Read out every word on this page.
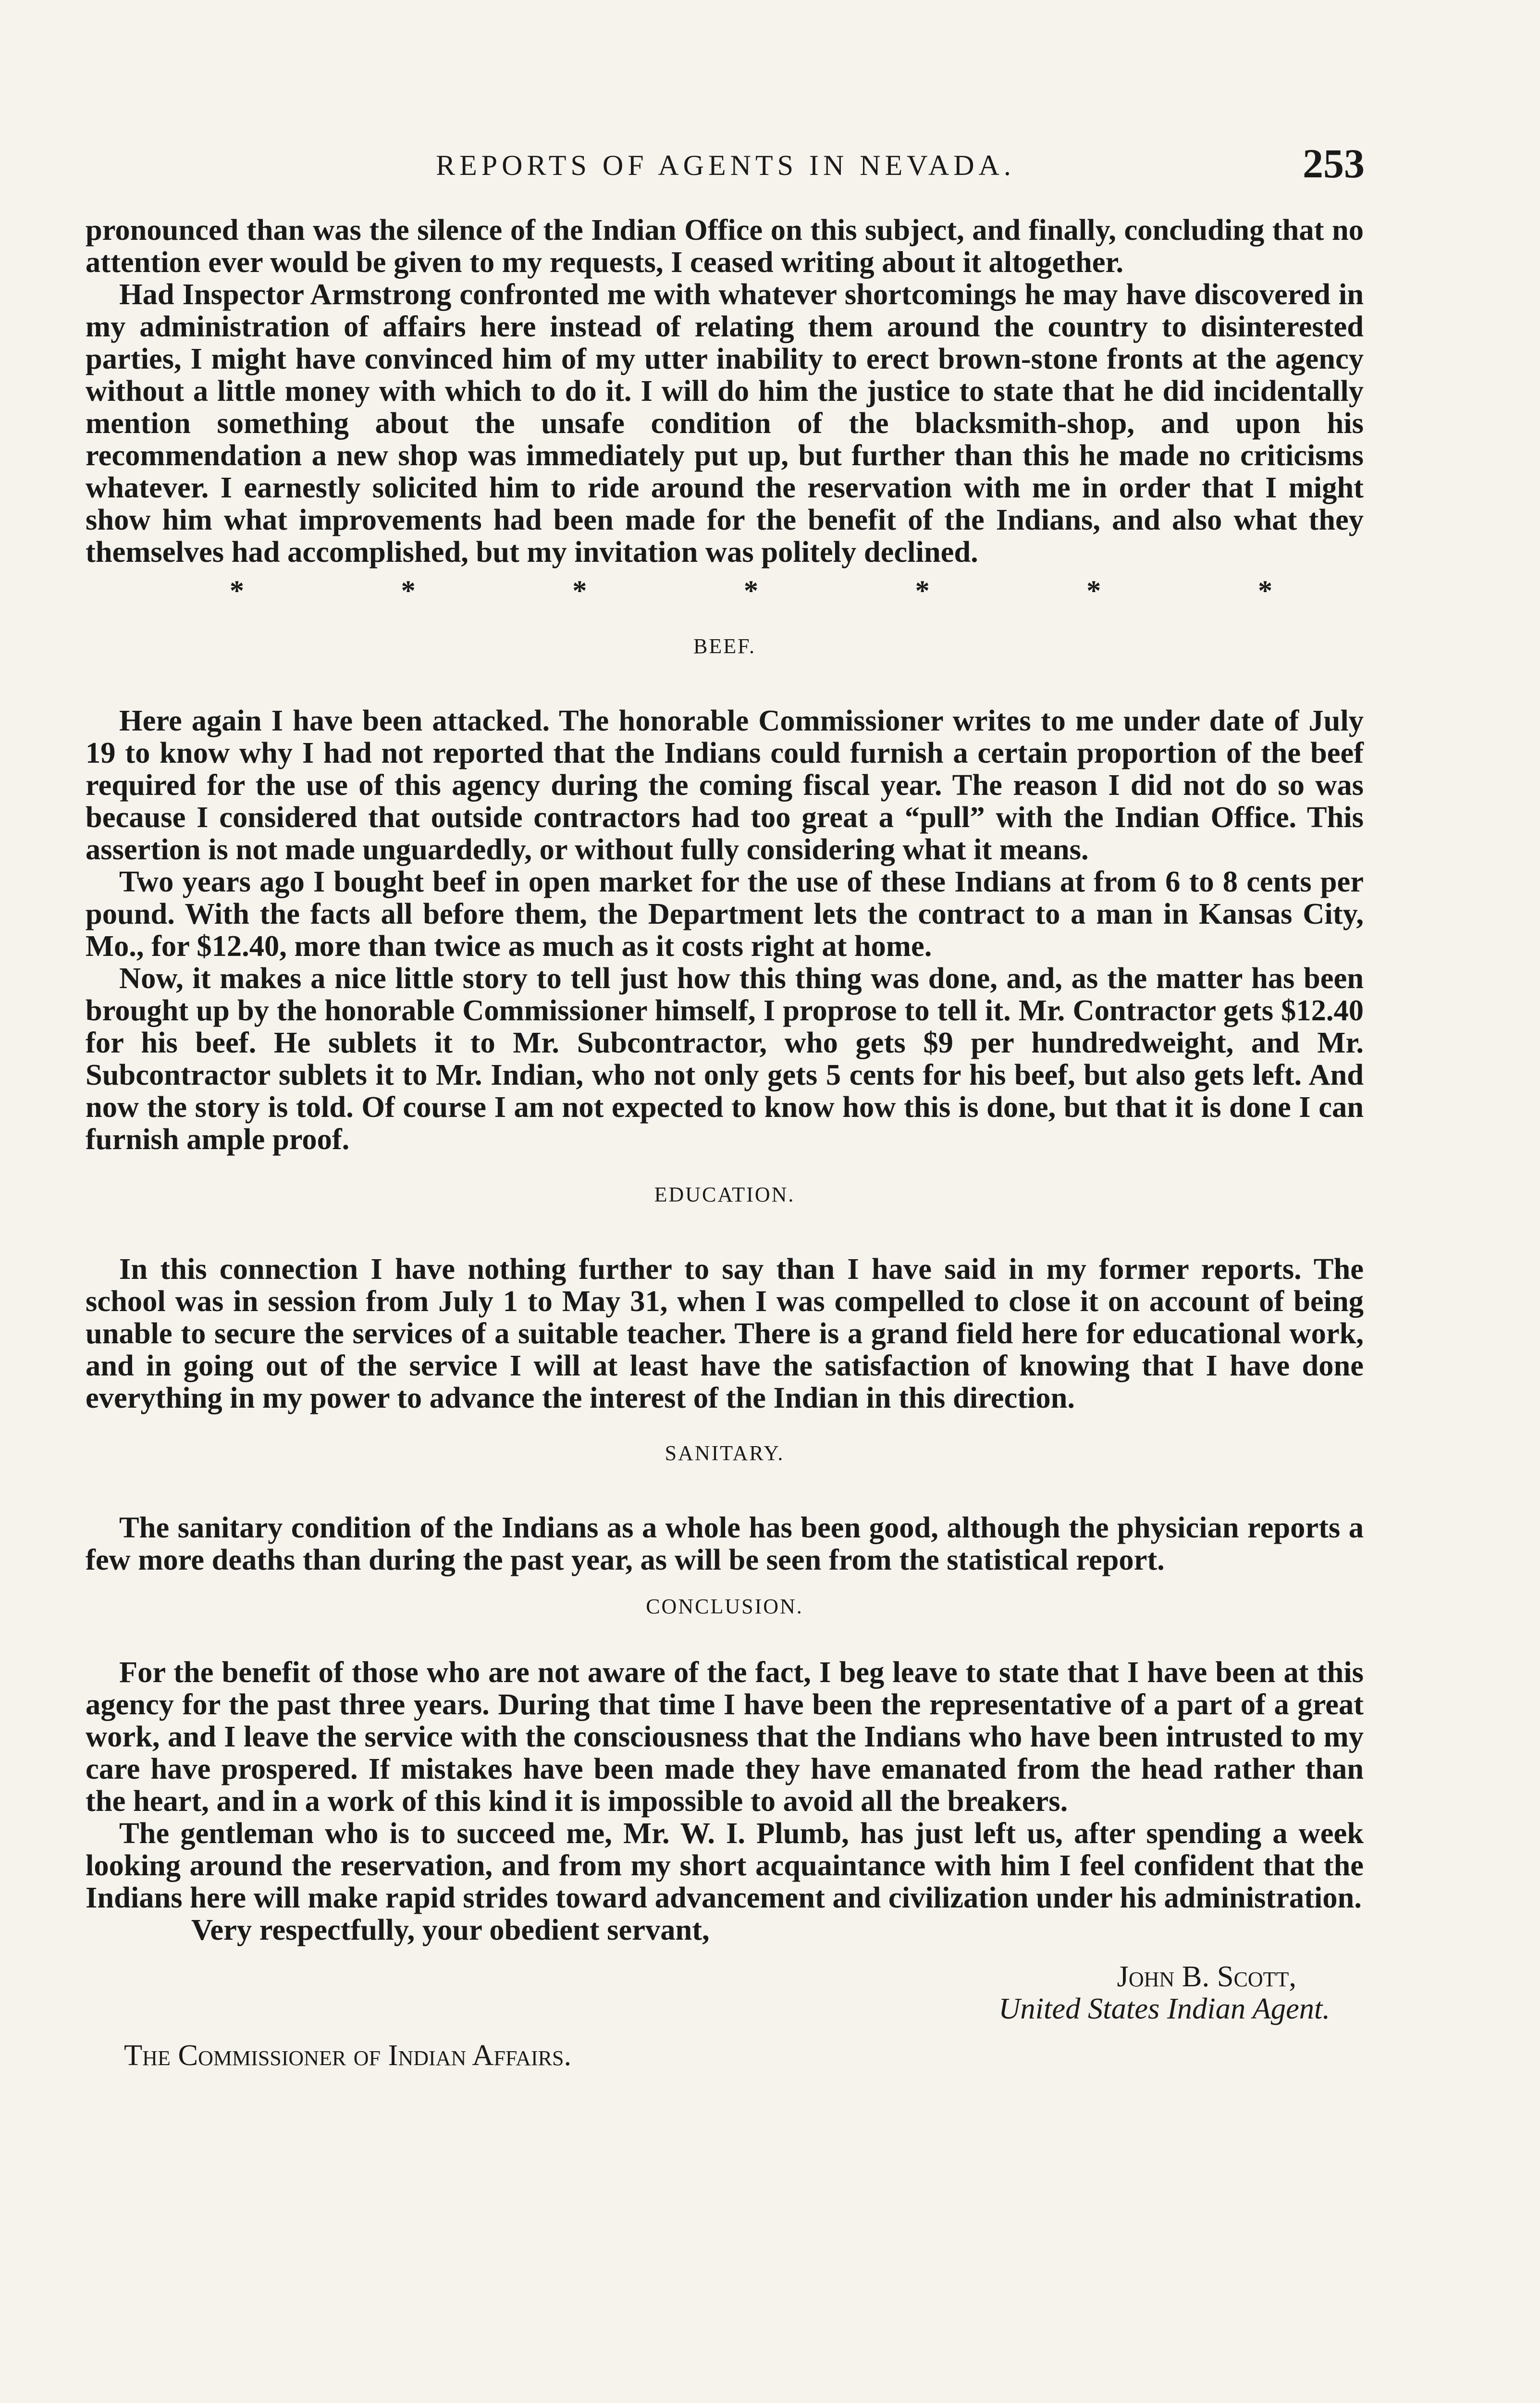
REPORTS OF AGENTS IN NEVADA.	253

pronounced than was the silence of the Indian Office on this subject, and finally, concluding that no attention ever would be given to my requests, I ceased writing about it altogether.

Had Inspector Armstrong confronted me with whatever shortcomings he may have discovered in my administration of affairs here instead of relating them around the country to disinterested parties, I might have convinced him of my utter inability to erect brown-stone fronts at the agency without a little money with which to do it. I will do him the justice to state that he did incidentally mention something about the unsafe condition of the blacksmith-shop, and upon his recommendation a new shop was immediately put up, but further than this he made no criticisms whatever. I earnestly solicited him to ride around the reservation with me in order that I might show him what improvements had been made for the benefit of the Indians, and also what they themselves had accomplished, but my invitation was politely declined.

*	*	*	*	*	*	*
BEEF.

Here again I have been attacked. The honorable Commissioner writes to me under date of July 19 to know why I had not reported that the Indians could furnish a certain proportion of the beef required for the use of this agency during the coming fiscal year. The reason I did not do so was because I considered that outside contractors had too great a “pull” with the Indian Office. This assertion is not made unguardedly, or without fully considering what it means.

Two years ago I bought beef in open market for the use of these Indians at from 6 to 8 cents per pound. With the facts all before them, the Department lets the contract to a man in Kansas City, Mo., for $12.40, more than twice as much as it costs right at home.

Now, it makes a nice little story to tell just how this thing was done, and, as the matter has been brought up by the honorable Commissioner himself, I proprose to tell it. Mr. Contractor gets $12.40 for his beef. He sublets it to Mr. Subcontractor, who gets $9 per hundredweight, and Mr. Subcontractor sublets it to Mr. Indian, who not only gets 5 cents for his beef, but also gets left. And now the story is told. Of course I am not expected to know how this is done, but that it is done I can furnish ample proof.

EDUCATION.

In this connection I have nothing further to say than I have said in my former reports. The school was in session from July 1 to May 31, when I was compelled to close it on account of being unable to secure the services of a suitable teacher. There is a grand field here for educational work, and in going out of the service I will at least have the satisfaction of knowing that I have done everything in my power to advance the interest of the Indian in this direction.

SANITARY.

The sanitary condition of the Indians as a whole has been good, although the physician reports a few more deaths than during the past year, as will be seen from the statistical report.

CONCLUSION.

For the benefit of those who are not aware of the fact, I beg leave to state that I have been at this agency for the past three years. During that time I have been the representative of a part of a great work, and I leave the service with the consciousness that the Indians who have been intrusted to my care have prospered. If mistakes have been made they have emanated from the head rather than the heart, and in a work of this kind it is impossible to avoid all the breakers.

The gentleman who is to succeed me, Mr. W. I. Plumb, has just left us, after spending a week looking around the reservation, and from my short acquaintance with him I feel confident that the Indians here will make rapid strides toward advancement and civilization under his administration.

Very respectfully, your obedient servant,

John B. Scott,

United States Indian Agent.

The Commissioner of Indian Affairs.
